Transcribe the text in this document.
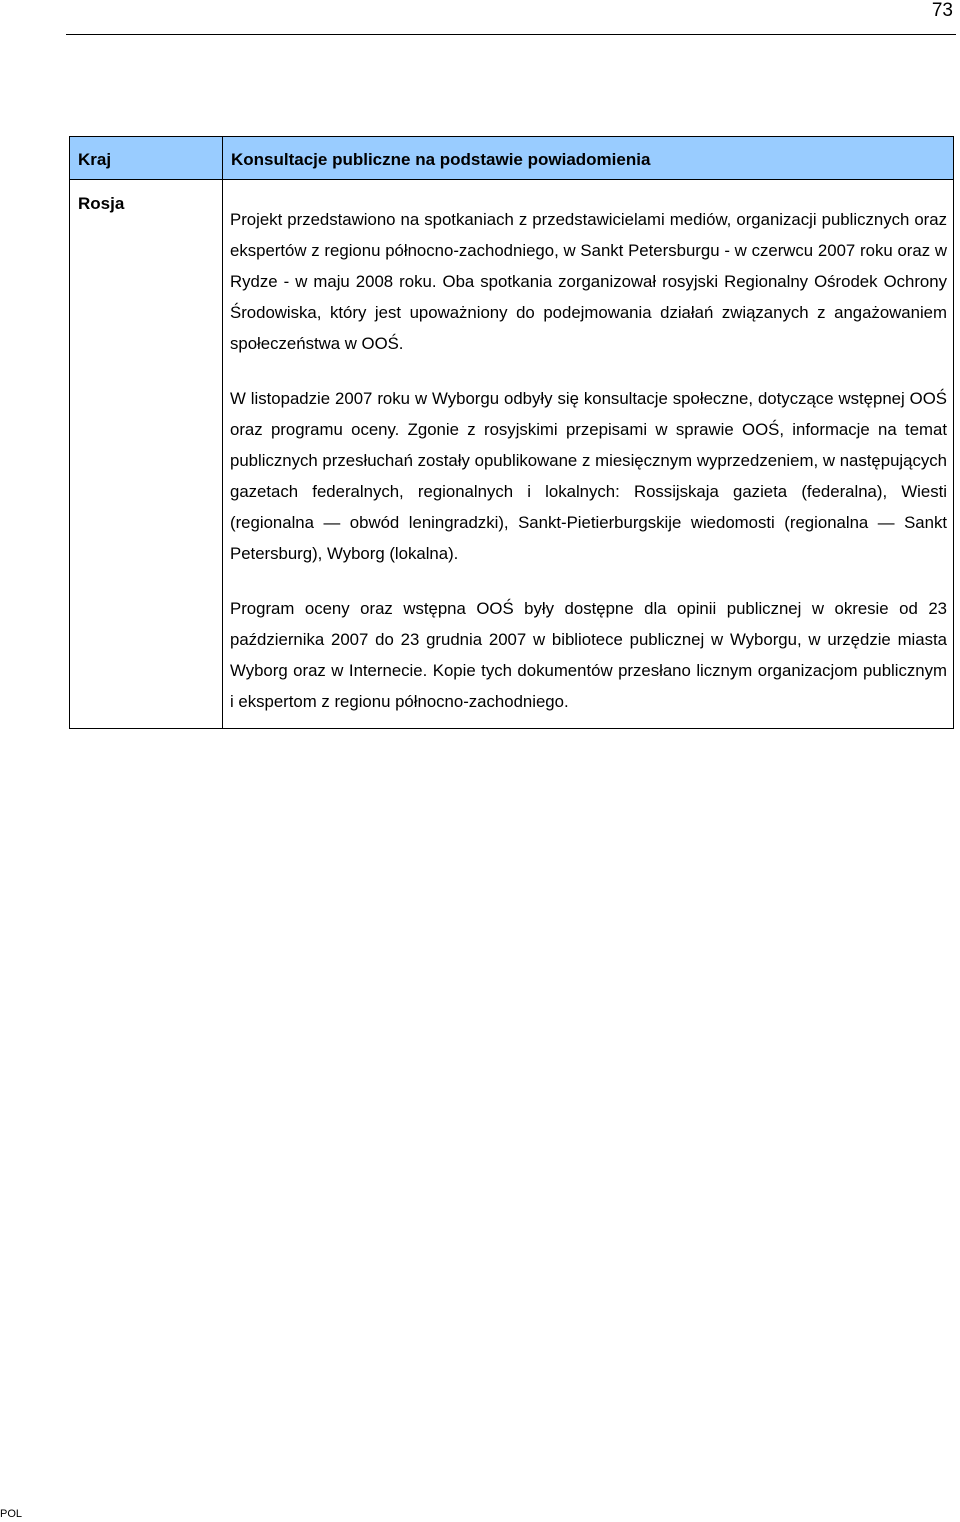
73
Kraj	Konsultacje publiczne na podstawie powiadomienia
Rosja	Projekt przedstawiono na spotkaniach z przedstawicielami mediów, organizacji publicznych oraz ekspertów z regionu północno-zachodniego, w Sankt Petersburgu - w czerwcu 2007 roku oraz w Rydze - w maju 2008 roku. Oba spotkania zorganizował rosyjski Regionalny Ośrodek Ochrony Środowiska, który jest upoważniony do podejmowania działań związanych z angażowaniem społeczeństwa w OOŚ.

W listopadzie 2007 roku w Wyborgu odbyły się konsultacje społeczne, dotyczące wstępnej OOŚ oraz programu oceny. Zgonie z rosyjskimi przepisami w sprawie OOŚ, informacje na temat publicznych przesłuchań zostały opublikowane z miesięcznym wyprzedzeniem, w następujących gazetach federalnych, regionalnych i lokalnych: Rossijskaja gazieta (federalna), Wiesti (regionalna — obwód leningradzki), Sankt-Pietierburgskije wiedomosti (regionalna — Sankt Petersburg), Wyborg (lokalna).

Program oceny oraz wstępna OOŚ były dostępne dla opinii publicznej w okresie od 23 października 2007 do 23 grudnia 2007 w bibliotece publicznej w Wyborgu, w urzędzie miasta Wyborg oraz w Internecie. Kopie tych dokumentów przesłano licznym organizacjom publicznym i ekspertom z regionu północno-zachodniego.

POL
